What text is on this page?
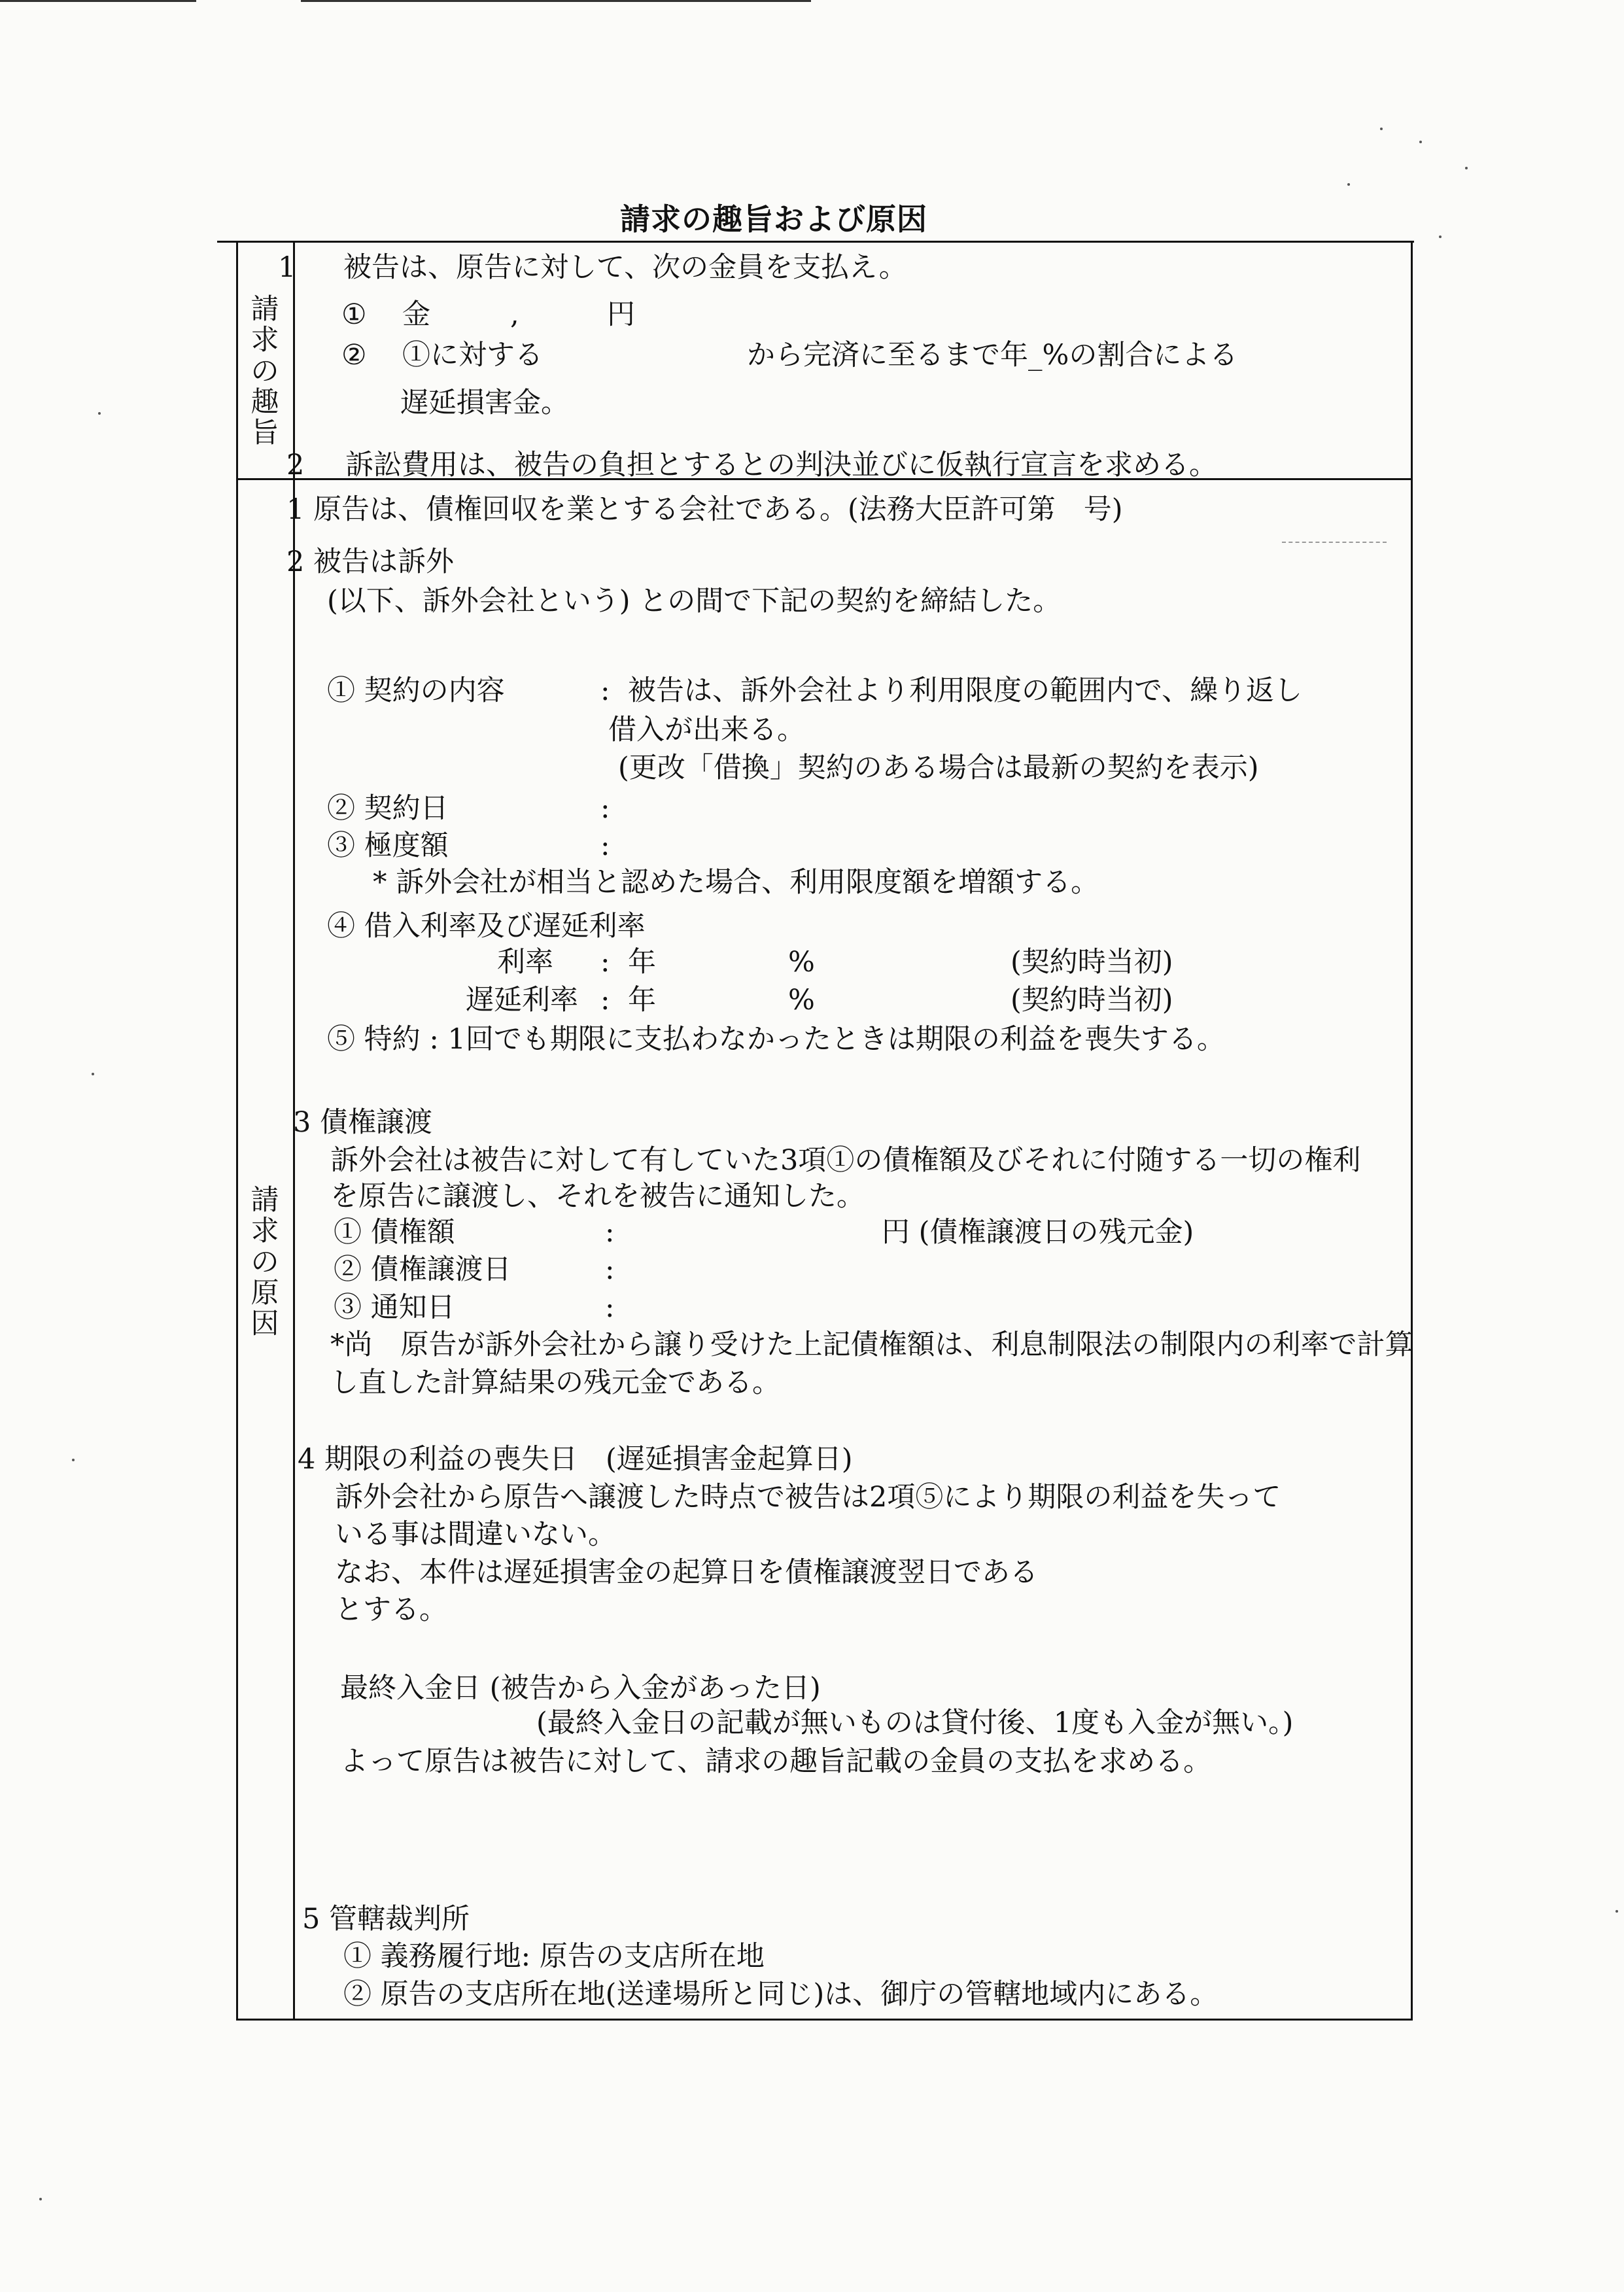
請求の趣旨および原因
請
求
の
趣
旨
請
求
の
原
因
1 被告は、原告に対して、次の金員を支払え。
① 金	,	円
② ①に対する	から完済に至るまで年_%の割合による
遅延損害金。
2 訴訟費用は、被告の負担とするとの判決並びに仮執行宣言を求める。
1 原告は、債権回収を業とする会社である。(法務大臣許可第　号)
2 被告は訴外
(以下、訴外会社という) との間で下記の契約を締結した。
① 契約の内容	: 被告は、訴外会社より利用限度の範囲内で、繰り返し
借入が出来る。
(更改「借換」契約のある場合は最新の契約を表示)
② 契約日	:
③ 極度額	:
* 訴外会社が相当と認めた場合、利用限度額を増額する。
④ 借入利率及び遅延利率
利率 : 年	%	(契約時当初)
遅延利率 : 年	%	(契約時当初)
⑤ 特約 : 1回でも期限に支払わなかったときは期限の利益を喪失する。
3 債権譲渡
訴外会社は被告に対して有していた3項①の債権額及びそれに付随する一切の権利
を原告に譲渡し、それを被告に通知した。
① 債権額	:	円 (債権譲渡日の残元金)
② 債権譲渡日	:
③ 通知日	:
*尚　原告が訴外会社から譲り受けた上記債権額は、利息制限法の制限内の利率で計算
し直した計算結果の残元金である。
4 期限の利益の喪失日　(遅延損害金起算日)
訴外会社から原告へ譲渡した時点で被告は2項⑤により期限の利益を失って
いる事は間違いない。
なお、本件は遅延損害金の起算日を債権譲渡翌日である
とする。
最終入金日 (被告から入金があった日)
(最終入金日の記載が無いものは貸付後、1度も入金が無い。)
よって原告は被告に対して、請求の趣旨記載の金員の支払を求める。
5 管轄裁判所
① 義務履行地: 原告の支店所在地
② 原告の支店所在地(送達場所と同じ)は、御庁の管轄地域内にある。
